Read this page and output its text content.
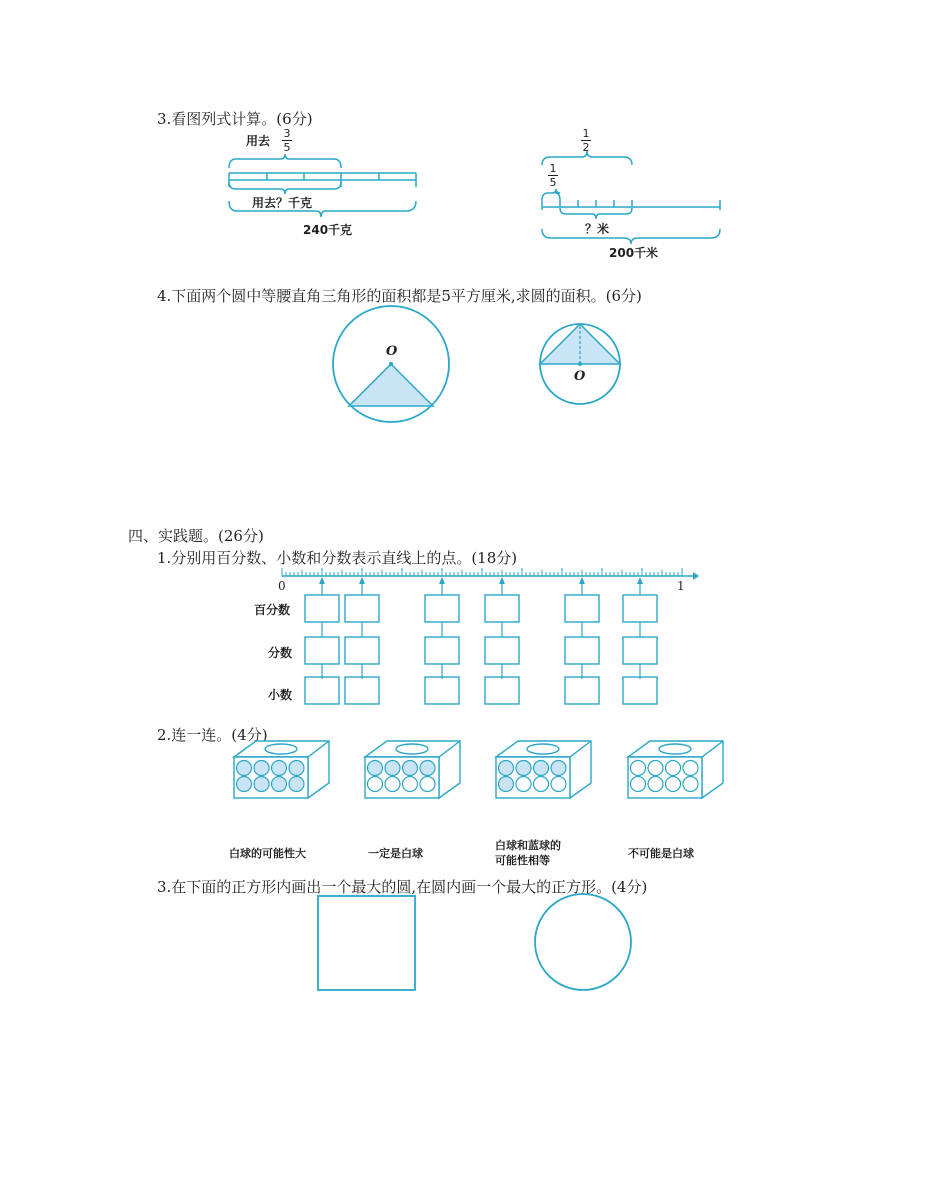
3.看图列式计算。(6分)
用去
3
5
用去？千克
240千克
1
2
1
5
？米
200千米
4.下面两个圆中等腰直角三角形的面积都是5平方厘米,求圆的面积。(6分)
O
O
四、实践题。(26分)
1.分别用百分数、小数和分数表示直线上的点。(18分)
0	1
百分数
分数
小数
2.连一连。(4分)
白球的可能性大	一定是白球
白球和蓝球的
可能性相等
不可能是白球
3.在下面的正方形内画出一个最大的圆,在圆内画一个最大的正方形。(4分)
